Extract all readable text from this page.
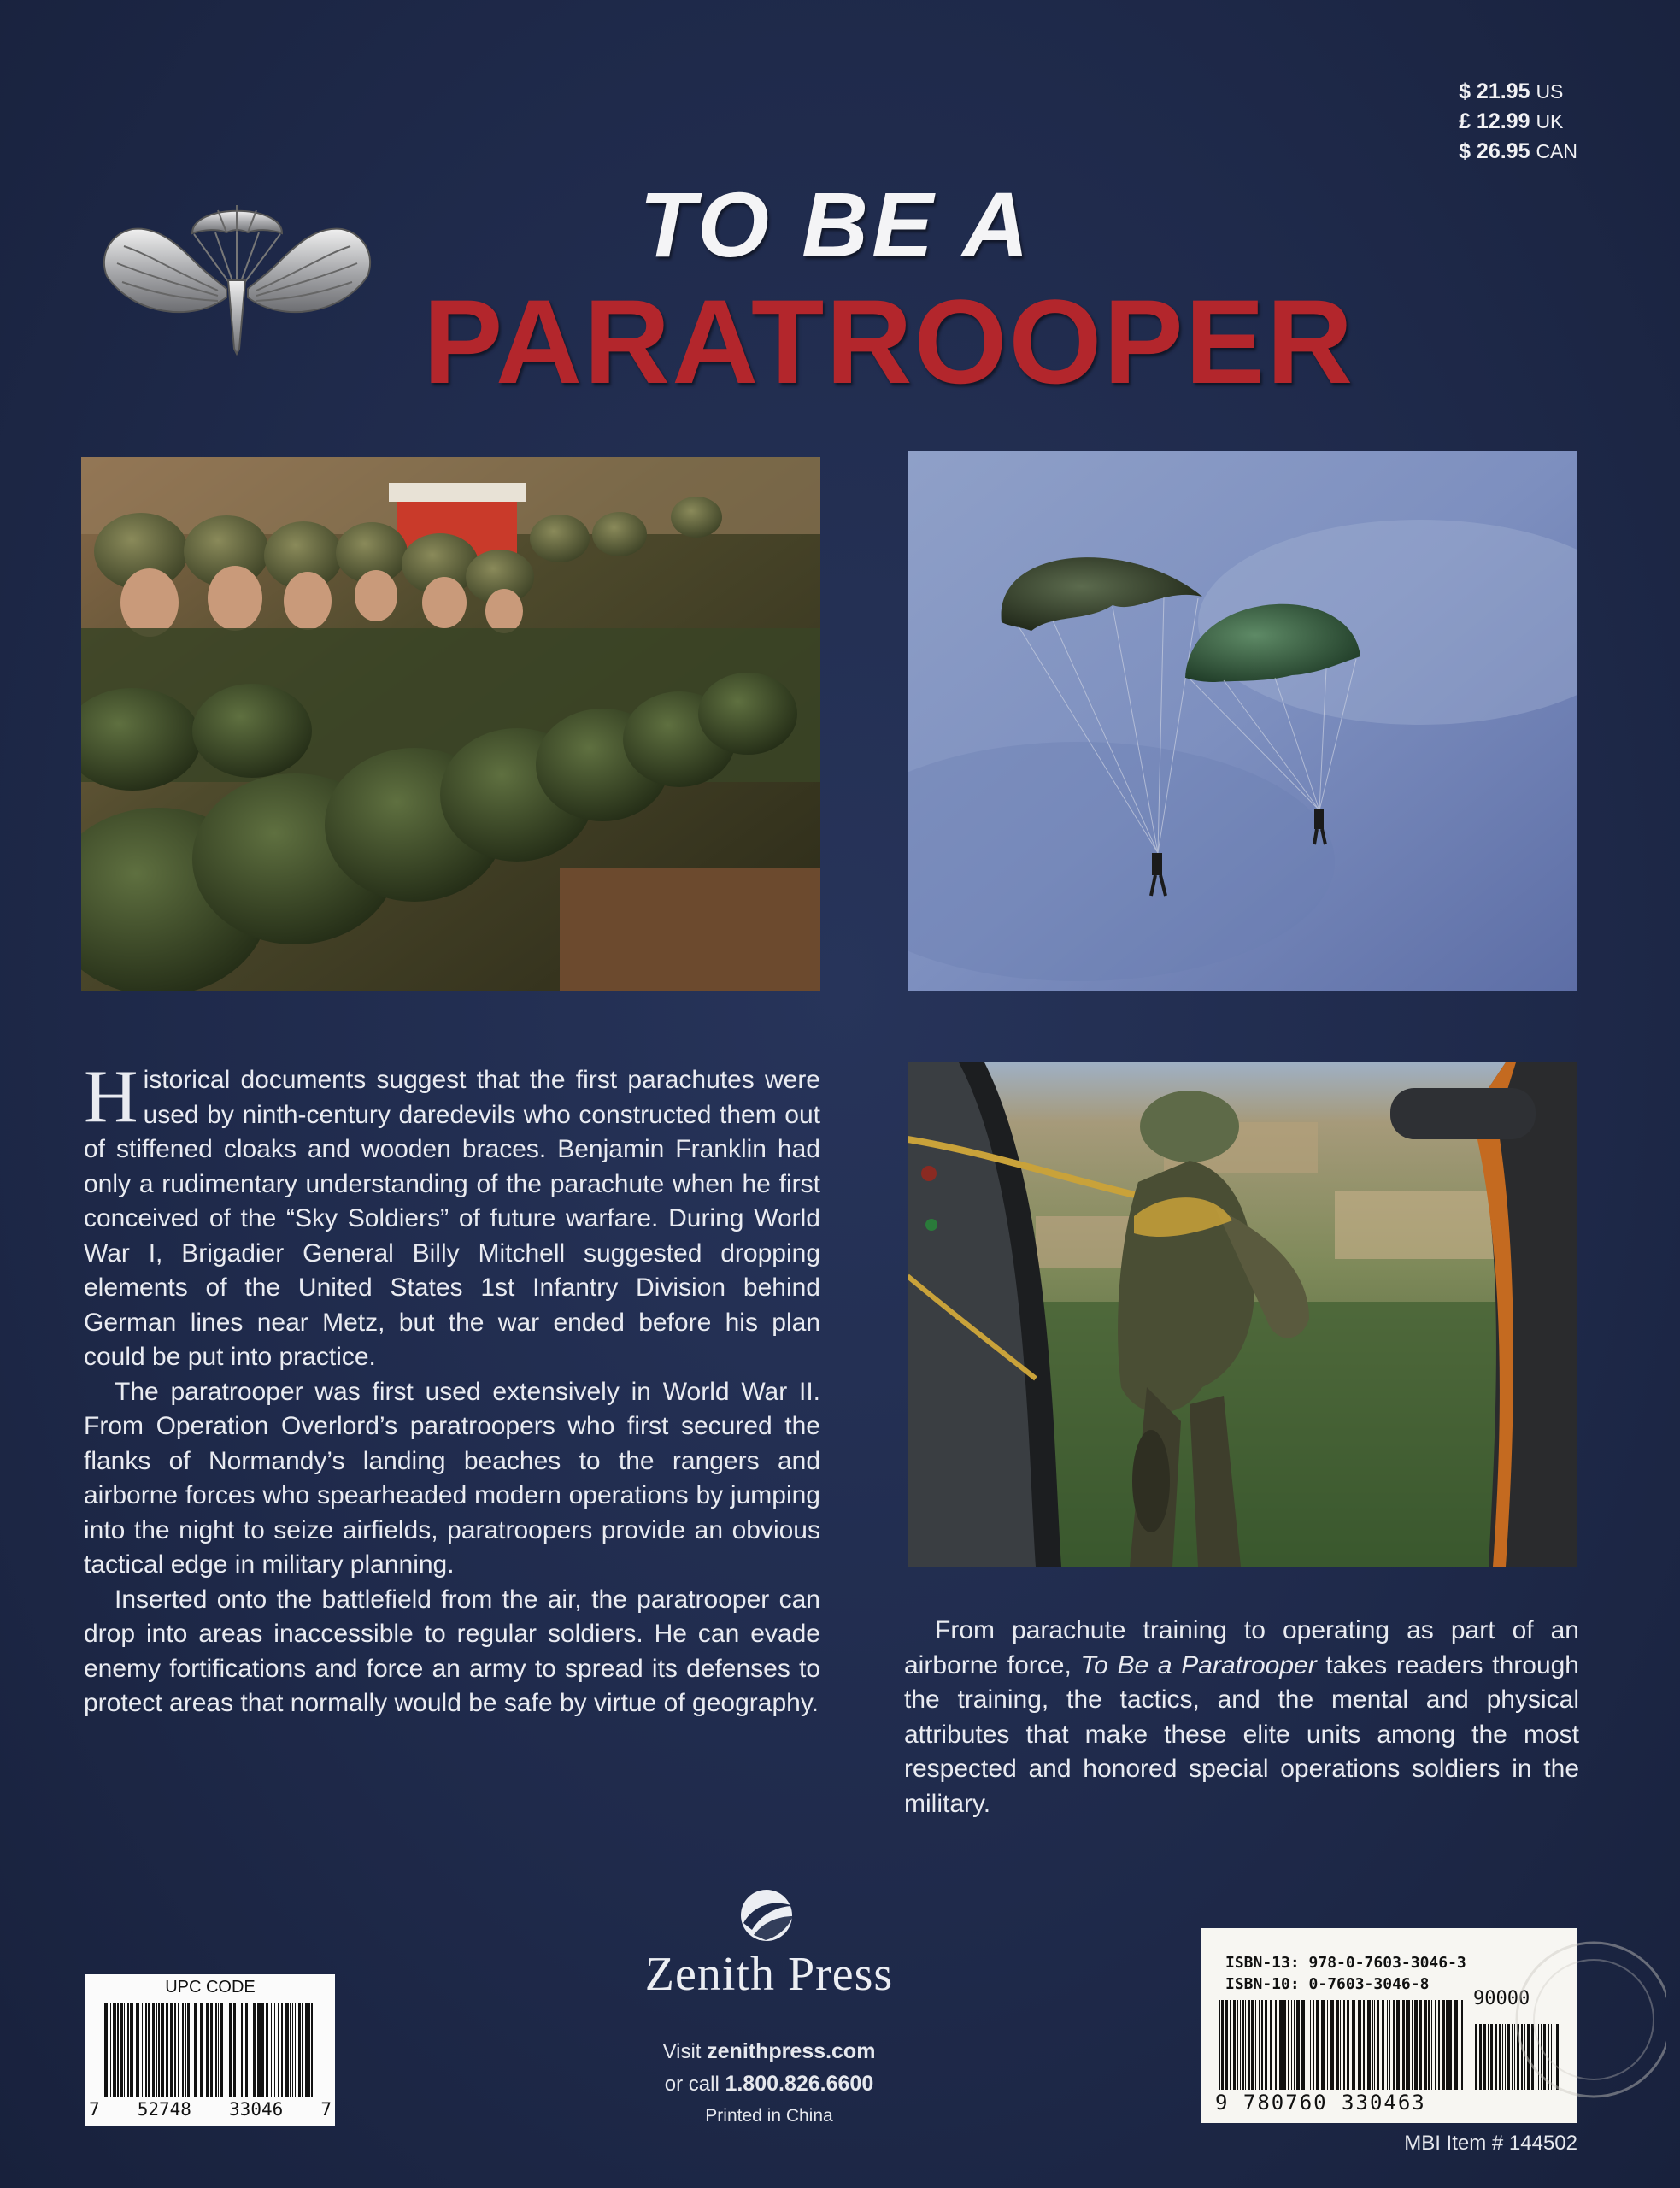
$ 21.95 US
£ 12.99 UK
$ 26.95 CAN
TO BE A
PARATROOPER

Historical documents suggest that the first parachutes were used by ninth-century daredevils who constructed them out of stiffened cloaks and wooden braces. Benjamin Franklin had only a rudimentary understanding of the parachute when he first conceived of the “Sky Soldiers” of future warfare. During World War I, Brigadier General Billy Mitchell suggested dropping elements of the United States 1st Infantry Division behind German lines near Metz, but the war ended before his plan could be put into practice.

The paratrooper was first used extensively in World War II. From Operation Overlord’s paratroopers who first secured the flanks of Normandy’s landing beaches to the rangers and airborne forces who spearheaded modern operations by jumping into the night to seize airfields, paratroopers provide an obvious tactical edge in military planning.

Inserted onto the battlefield from the air, the paratrooper can drop into areas inaccessible to regular soldiers. He can evade enemy fortifications and force an army to spread its defenses to protect areas that normally would be safe by virtue of geography.

From parachute training to operating as part of an airborne force, To Be a Paratrooper takes readers through the training, the tactics, and the mental and physical attributes that make these elite units among the most respected and honored special operations soldiers in the military.

Zenith Press
Visit zenithpress.com
or call 1.800.826.6600
Printed in China
UPC CODE
7 52748 33046 7
ISBN-13: 978-0-7603-3046-3
ISBN-10: 0-7603-3046-8
90000
9 780760 330463
MBI Item # 144502
